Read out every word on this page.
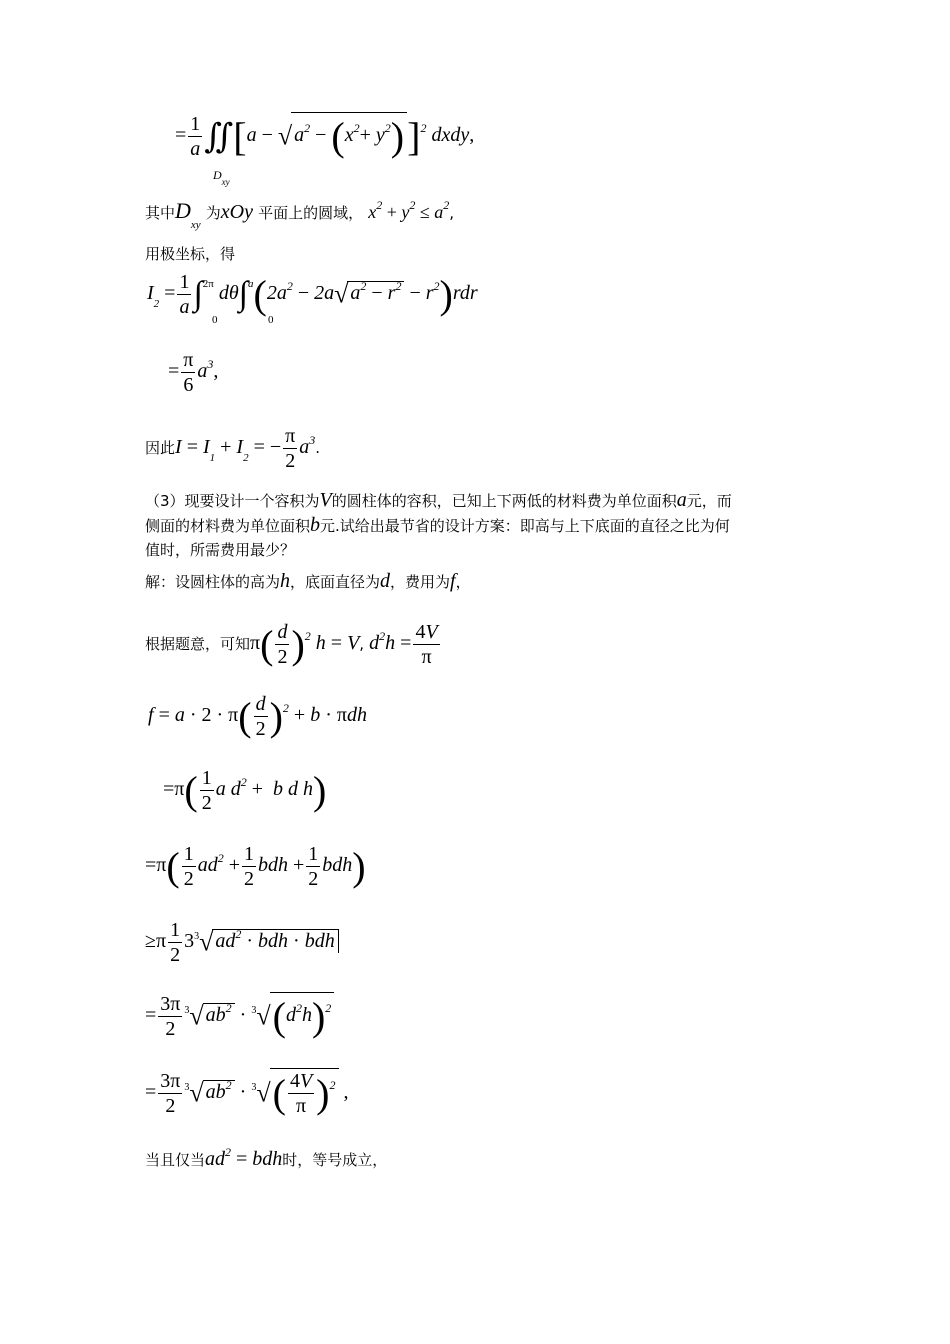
= $\frac{1}{a}$ ∬[a − √ $a^2 - (x^2+ y^2)]^2$ dxdy,
$D_{xy}$
其中$D_{xy}$ 为xOy 平面上的圆域， $x^2 + y^2 \le a^2$,
用极坐标，得
$I_2 = \frac{1}{a} \int^{2\pi}$ $d\theta\int^a(2a^2 - 2a√$ $a^2 - r^2 - r^2)rdr$
0	0
= $\frac{\pi}{6} a^3$,
因此$I = I_1 + I_2$ = − $\frac{\pi}{2} a^3$.
（3）现要设计一个容积为V的圆柱体的容积，已知上下两低的材料费为单位面积a元，而
侧面的材料费为单位面积b元.试给出最节省的设计方案：即高与上下底面的直径之比为何
值时，所需费用最少？
解：设圆柱体的高为h，底面直径为d，费用为f，
根据题意，可知$\pi( \frac{d}{2} )^2$ h = V, $d^2h = \frac{4V}{\pi}$
$f = a \cdot 2 \cdot \pi( \frac{d}{2} )^2 + b \cdot \pi dh$
$=\pi( \frac{1}{2}$ a $d^2 + b$ d h)
$=\pi( \frac{1}{2} ad^2 + \frac{1}{2}$ bdh + $\frac{1}{2} bdh$)
$\ge\pi \frac{1}{2} 3^3√$ $ad^2$ · bdh · bdh
= $\frac{3\pi}{2} ^3√$ $ab^2 \cdot ^3√(d^2h)^2$
= $\frac{3\pi}{2} ^3√$ $ab^2 \cdot ^3√( \frac{4V}{\pi} )^2$ ,
当且仅当$ad^2$ = bdh时，等号成立，
